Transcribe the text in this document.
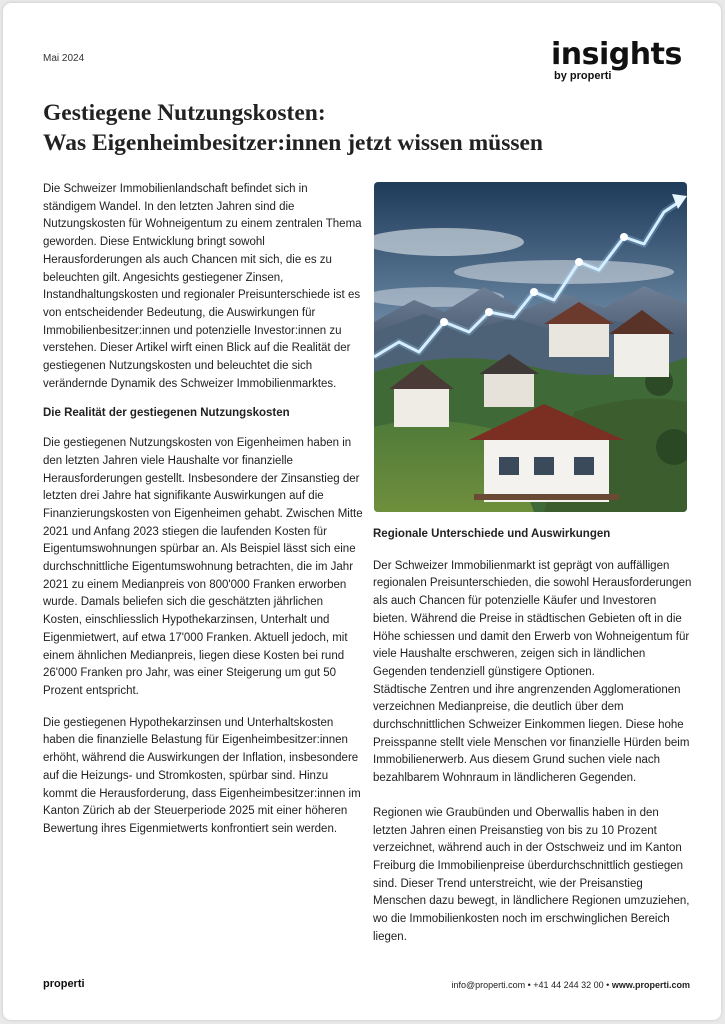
Mai 2024	insights
by properti
Gestiegene Nutzungskosten:
Was Eigenheimbesitzer:innen jetzt wissen müssen

Die Schweizer Immobilienlandschaft befindet sich in ständigem Wandel. In den letzten Jahren sind die Nutzungskosten für Wohneigentum zu einem zentralen Thema geworden. Diese Entwicklung bringt sowohl Herausforderungen als auch Chancen mit sich, die es zu beleuchten gilt. Angesichts gestiegener Zinsen, Instandhaltungskosten und regionaler Preisunterschiede ist es von entscheidender Bedeutung, die Auswirkungen für Immobilienbesitzer:innen und potenzielle Investor:innen zu verstehen. Dieser Artikel wirft einen Blick auf die Realität der gestiegenen Nutzungskosten und beleuchtet die sich verändernde Dynamik des Schweizer Immobilienmarktes.

Die Realität der gestiegenen Nutzungskosten

Die gestiegenen Nutzungskosten von Eigenheimen haben in den letzten Jahren viele Haushalte vor finanzielle Herausforderungen gestellt. Insbesondere der Zinsanstieg der letzten drei Jahre hat signifikante Auswirkungen auf die Finanzierungskosten von Eigenheimen gehabt. Zwischen Mitte 2021 und Anfang 2023 stiegen die laufenden Kosten für Eigentumswohnungen spürbar an. Als Beispiel lässt sich eine durchschnittliche Eigentumswohnung betrachten, die im Jahr 2021 zu einem Medianpreis von 800'000 Franken erworben wurde. Damals beliefen sich die geschätzten jährlichen Kosten, einschliesslich Hypothekarzinsen, Unterhalt und Eigenmietwert, auf etwa 17'000 Franken. Aktuell jedoch, mit einem ähnlichen Medianpreis, liegen diese Kosten bei rund 26'000 Franken pro Jahr, was einer Steigerung um gut 50 Prozent entspricht.

Die gestiegenen Hypothekarzinsen und Unterhaltskosten haben die finanzielle Belastung für Eigenheimbesitzer:innen erhöht, während die Auswirkungen der Inflation, insbesondere auf die Heizungs- und Stromkosten, spürbar sind. Hinzu kommt die Herausforderung, dass Eigenheimbesitzer:innen im Kanton Zürich ab der Steuerperiode 2025 mit einer höheren Bewertung ihres Eigenmietwerts konfrontiert sein werden.

Regionale Unterschiede und Auswirkungen

Der Schweizer Immobilienmarkt ist geprägt von auffälligen regionalen Preisunterschieden, die sowohl Herausforderungen als auch Chancen für potenzielle Käufer und Investoren bieten. Während die Preise in städtischen Gebieten oft in die Höhe schiessen und damit den Erwerb von Wohneigentum für viele Haushalte erschweren, zeigen sich in ländlichen Gegenden tendenziell günstigere Optionen.

Städtische Zentren und ihre angrenzenden Agglomerationen verzeichnen Medianpreise, die deutlich über dem durchschnittlichen Schweizer Einkommen liegen. Diese hohe Preisspanne stellt viele Menschen vor finanzielle Hürden beim Immobilienerwerb. Aus diesem Grund suchen viele nach bezahlbarem Wohnraum in ländlicheren Gegenden.

Regionen wie Graubünden und Oberwallis haben in den letzten Jahren einen Preisanstieg von bis zu 10 Prozent verzeichnet, während auch in der Ostschweiz und im Kanton Freiburg die Immobilienpreise überdurchschnittlich gestiegen sind. Dieser Trend unterstreicht, wie der Preisanstieg Menschen dazu bewegt, in ländlichere Regionen umzuziehen, wo die Immobilienkosten noch im erschwinglichen Bereich liegen.

properti	info@properti.com • +41 44 244 32 00 • www.properti.com
